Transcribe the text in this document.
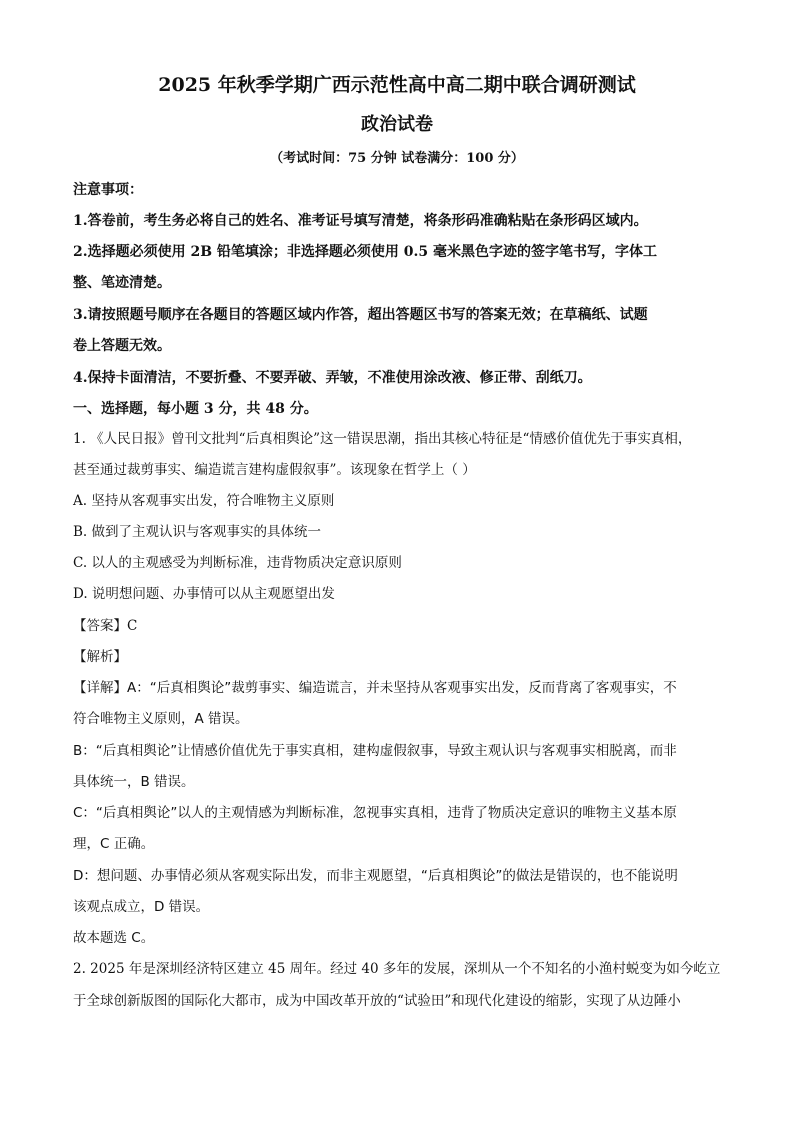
2025 年秋季学期广西示范性高中高二期中联合调研测试
政治试卷
（考试时间：75 分钟 试卷满分：100 分）
注意事项：
1.答卷前，考生务必将自己的姓名、准考证号填写清楚，将条形码准确粘贴在条形码区域内。
2.选择题必须使用 2B 铅笔填涂；非选择题必须使用 0.5 毫米黑色字迹的签字笔书写，字体工
整、笔迹清楚。
3.请按照题号顺序在各题目的答题区域内作答，超出答题区书写的答案无效；在草稿纸、试题
卷上答题无效。
4.保持卡面清洁，不要折叠、不要弄破、弄皱，不准使用涂改液、修正带、刮纸刀。
一、选择题，每小题 3 分，共 48 分。
1. 《人民日报》曾刊文批判“后真相舆论”这一错误思潮，指出其核心特征是“情感价值优先于事实真相，
甚至通过裁剪事实、编造谎言建构虚假叙事”。该现象在哲学上（ ）
A. 坚持从客观事实出发，符合唯物主义原则
B. 做到了主观认识与客观事实的具体统一
C. 以人的主观感受为判断标准，违背物质决定意识原则
D. 说明想问题、办事情可以从主观愿望出发
【答案】C
【解析】
【详解】A：“后真相舆论”裁剪事实、编造谎言，并未坚持从客观事实出发，反而背离了客观事实，不
符合唯物主义原则，A 错误。
B：“后真相舆论”让情感价值优先于事实真相，建构虚假叙事，导致主观认识与客观事实相脱离，而非
具体统一，B 错误。
C：“后真相舆论”以人的主观情感为判断标准，忽视事实真相，违背了物质决定意识的唯物主义基本原
理，C 正确。
D：想问题、办事情必须从客观实际出发，而非主观愿望，“后真相舆论”的做法是错误的，也不能说明
该观点成立，D 错误。
故本题选 C。
2. 2025 年是深圳经济特区建立 45 周年。经过 40 多年的发展，深圳从一个不知名的小渔村蜕变为如今屹立
于全球创新版图的国际化大都市，成为中国改革开放的“试验田”和现代化建设的缩影，实现了从边陲小
